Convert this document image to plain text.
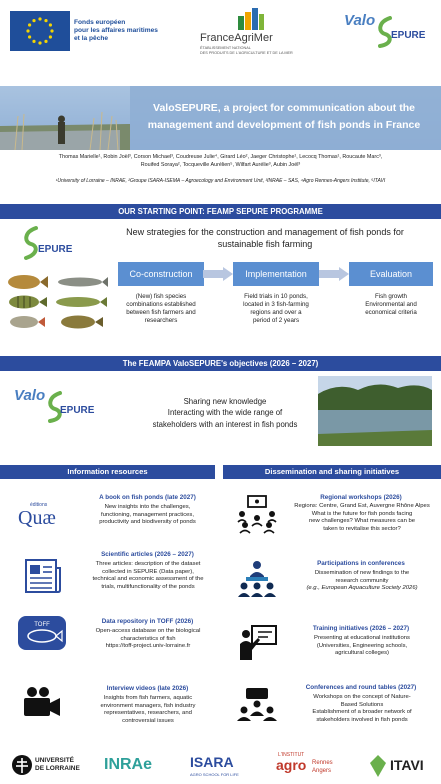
Fonds européen
pour les affaires maritimes
et la pêche	FranceAgriMer
ÉTABLISSEMENT NATIONAL
DES PRODUITS DE L'AGRICULTURE ET DE LA MER
Valo
EPURE
ValoSEPURE, a project for communication about the
management and development of fish ponds in France
Thomas Marielle¹, Robin Joël³, Corson Michael³, Coudreuse Julie⁴, Girard Léo², Jaeger Christophe¹, Lecocq Thomas¹, Roucaute Marc³,
Rouifed Soraya², Tocqueville Aurélien⁵, Wilfart Aurélie³, Aubin Joël³
¹University of Lorraine – INRAE, ²Groupe ISARA-ISEMA – Agroecology and Environment Unit, ³INRAE – SAS, ⁴Agro Rennes-Angers Institute, ⁵ITAVI
OUR STARTING POINT: FEAMP SEPURE PROGRAMME
EPURE
New strategies for the construction and management of fish ponds for
sustainable fish farming
Co-construction	Implementation	Evaluation
(New) fish species
combinations established
between fish farmers and
researchers
Field trials in 10 ponds,
located in 3 fish-farming
regions and over a
period of 2 years
Fish growth
Environmental and
economical criteria
The FEAMPA ValoSEPURE's objectives (2026 – 2027)
Valo
EPURE
Sharing new knowledge
Interacting with the wide range of
stakeholders with an interest in fish ponds
Information resources	Dissemination and sharing initiatives
éditions
Quæ
A book on fish ponds (late 2027)
New insights into the challenges,
functioning, management practices,
productivity and biodiversity of ponds
Scientific articles (2026 – 2027)
Three articles: description of the dataset
collected in SEPURE (Data paper),
technical and economic assessment of the
trials, multifunctionality of the ponds
TOFF	Data repository in TOFF (2026)
Open-access database on the biological
characteristics of fish
https://toff-project.univ-lorraine.fr
Interview videos (late 2026)
Insights from fish farmers, aquatic
environment managers, fish industry
representatives, researchers, and
controversial issues
Regional workshops (2026)
Regions: Centre, Grand Est, Auvergne Rhône Alpes
What is the future for fish ponds facing
new challenges? What measures can be
taken to revitalise this sector?
Participations in conferences
Dissemination of new findings to the
research community
(e.g., European Aquaculture Society 2026)
Training initiatives (2026 – 2027)
Presenting at educational institutions
(Universities, Engineering schools,
agricultural colleges)
Conferences and round tables (2027)
Workshops on the concept of Nature-
Based Solutions
Establishment of a broader network of
stakeholders involved in fish ponds
UNIVERSITÉ
DE LORRAINE INRAe	ISARA
AGRO SCHOOL FOR LIFE
L'INSTITUT
agro Rennes
Angers	ITAVI
